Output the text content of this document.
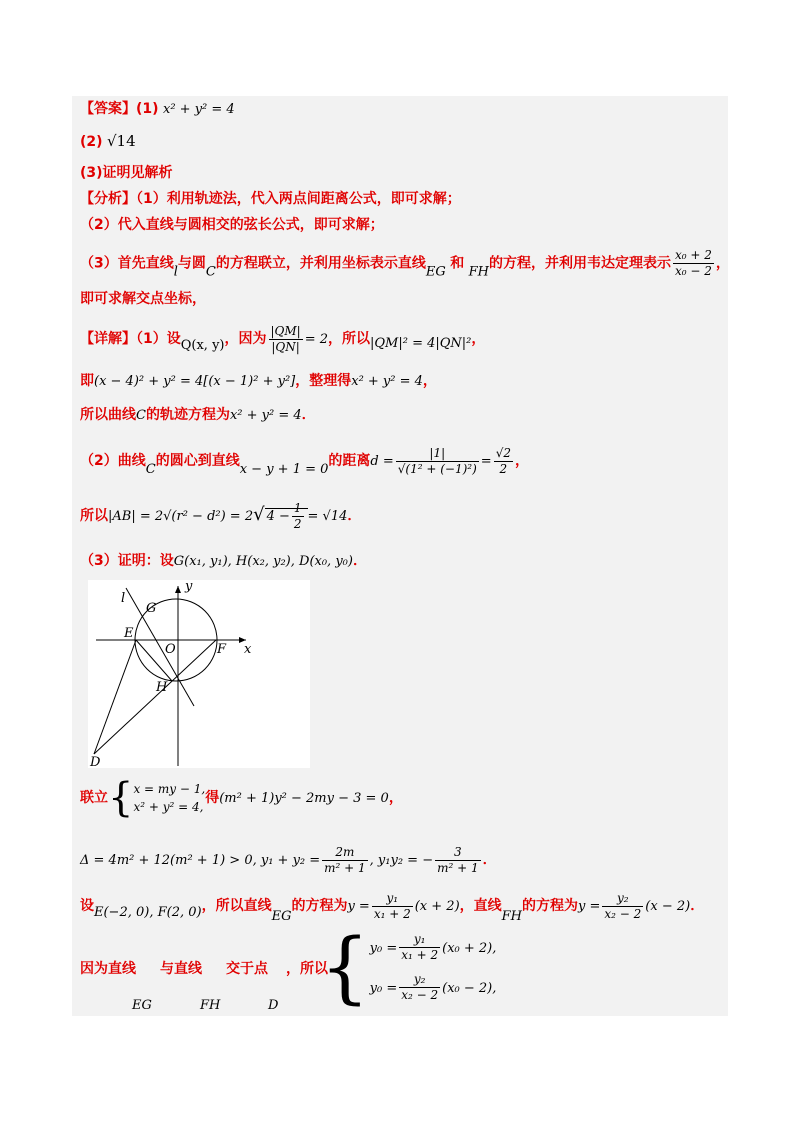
【答案】(1) x² + y² = 4
(2) √14
(3)证明见解析
【分析】（1）利用轨迹法，代入两点间距离公式，即可求解；
（2）代入直线与圆相交的弦长公式，即可求解；
（3）首先直线l与圆C的方程联立，并利用坐标表示直线EG 和 FH的方程，并利用韦达定理表示 $\frac{\text{x₀ + 2}}{\text{x₀ − 2}}$ ，
即可求解交点坐标，
【详解】（1）设Q(x, y)，因为 $\frac{|QM|}{|QN|} = 2$，所以|QM|² = 4|QN|²，
即(x − 4)² + y² = 4[(x − 1)² + y²]，整理得x² + y² = 4，
所以曲线C的轨迹方程为x² + y² = 4．
（2）曲线C的圆心到直线x − y + 1 = 0的距离$d = \frac{|1|}{\text{√(1² + (−1)²)}} = \frac{√2}{2}$ ，
所以|AB| = 2√(r² − d²) = 2√ $4 - \frac{1}{2} = √14$．
（3）证明：设G(x₁, y₁), H(x₂, y₂), D(x₀, y₀)．
y
x
l
G
E
O	F
H
D
联立{ x = my − 1,
x² + y² = 4,
得(m² + 1)y² − 2my − 3 = 0，
Δ = 4m² + 12(m² + 1) > 0, $y_1 + y_2 = \frac{2m}{\text{m² + 1}}$ , y₁y₂ = − $\frac{3}{\text{m² + 1}}$ ．
设E(−2, 0), F(2, 0)，所以直线EG的方程为$y = \frac{\text{y₁}}{\text{x₁ + 2}} (x + 2)$，直线FH的方程为$y = \frac{\text{y₂}}{\text{x₂ − 2}} (x - 2)$．
因为直线 与直线 交于点 ，所以
EG	FH	D { $y_0 = \frac{\text{y₁}}{\text{x₁ + 2}} (x_0 + 2)$,
$y_0 = \frac{\text{y₂}}{\text{x₂ − 2}} (x_0 - 2)$,
